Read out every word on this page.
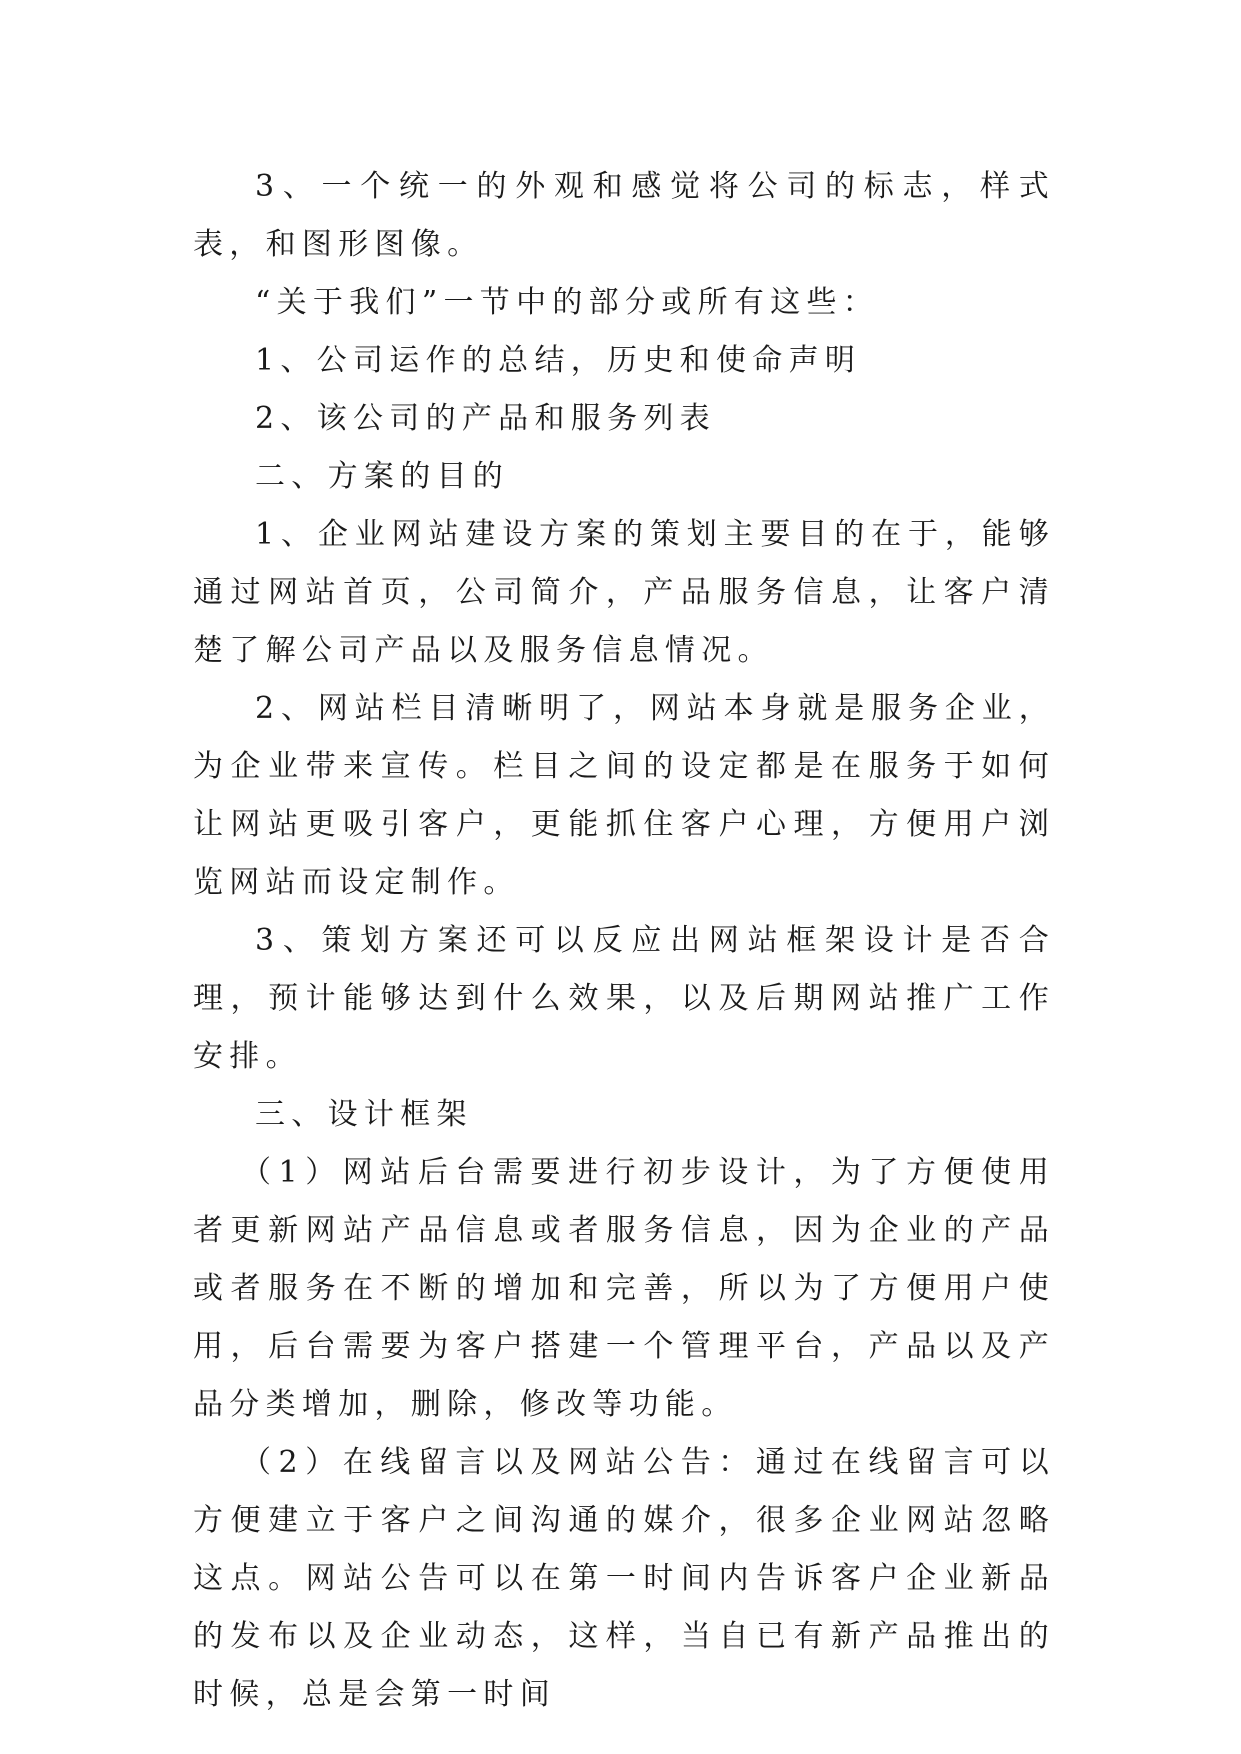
3、一个统一的外观和感觉将公司的标志，样式表，和图形图像。

“关于我们”一节中的部分或所有这些：

1、公司运作的总结，历史和使命声明

2、该公司的产品和服务列表

二、方案的目的

1、企业网站建设方案的策划主要目的在于，能够通过网站首页，公司简介，产品服务信息，让客户清楚了解公司产品以及服务信息情况。

2、网站栏目清晰明了，网站本身就是服务企业，为企业带来宣传。栏目之间的设定都是在服务于如何让网站更吸引客户，更能抓住客户心理，方便用户浏览网站而设定制作。

3、策划方案还可以反应出网站框架设计是否合理，预计能够达到什么效果，以及后期网站推广工作安排。

三、设计框架

（1）网站后台需要进行初步设计，为了方便使用者更新网站产品信息或者服务信息，因为企业的产品或者服务在不断的增加和完善，所以为了方便用户使用，后台需要为客户搭建一个管理平台，产品以及产品分类增加，删除，修改等功能。

（2）在线留言以及网站公告：通过在线留言可以方便建立于客户之间沟通的媒介，很多企业网站忽略这点。网站公告可以在第一时间内告诉客户企业新品的发布以及企业动态，这样，当自已有新产品推出的时候，总是会第一时间
